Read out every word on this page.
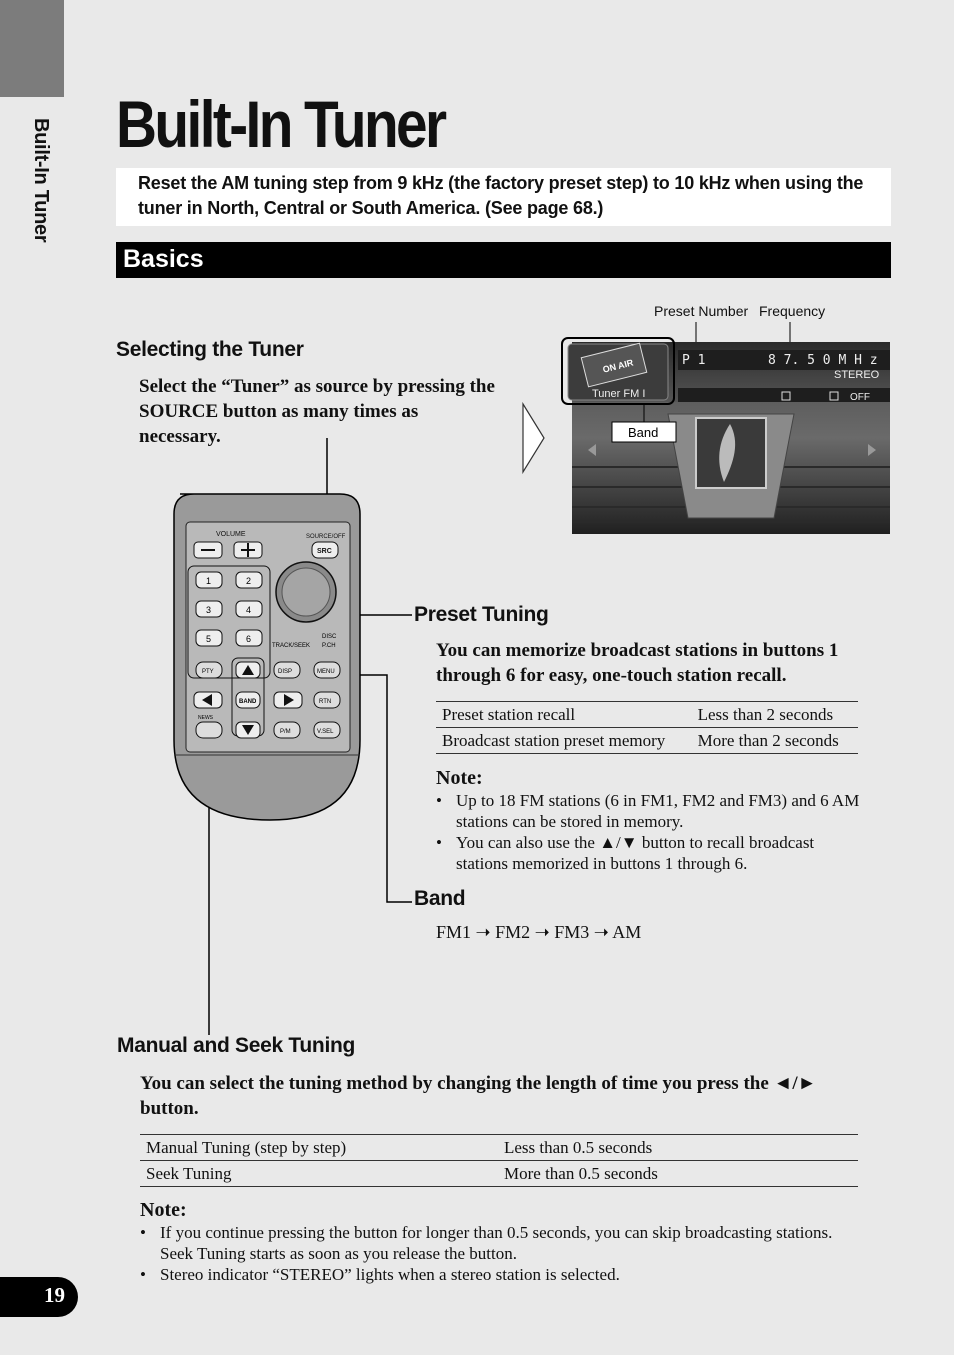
Built-In Tuner Built-In Tuner
Reset the AM tuning step from 9 kHz (the factory preset step) to 10 kHz when using the tuner in North, Central or South America. (See page 68.)
Basics
Selecting the Tuner
Select the “Tuner” as source by pressing the SOURCE button as many times as necessary.
Preset Number Frequency
ON AIR
Tuner FM I
P 1	8 7. 5 0 M H z
STEREO
OFF
Band
VOLUME	SOURCE/OFF
SRC
1	2
3	4
5	6
TRACK/SEEK
DISC
P.CH
PTY	DISP	MENU
BAND	RTN
NEWS
P/M	V.SEL
Preset Tuning
You can memorize broadcast stations in buttons 1 through 6 for easy, one-touch station recall.
Preset station recall	Less than 2 seconds
Broadcast station preset memory	More than 2 seconds
Note:
• Up to 18 FM stations (6 in FM1, FM2 and FM3) and 6 AM stations can be stored in memory.
• You can also use the ▲/▼ button to recall broadcast stations memorized in buttons 1 through 6.
Band
FM1 ➝ FM2 ➝ FM3 ➝ AM
Manual and Seek Tuning
You can select the tuning method by changing the length of time you press the ◄/► button.
Manual Tuning (step by step)	Less than 0.5 seconds
Seek Tuning	More than 0.5 seconds
Note:
• If you continue pressing the button for longer than 0.5 seconds, you can skip broadcasting stations. Seek Tuning starts as soon as you release the button.
• Stereo indicator “STEREO” lights when a stereo station is selected.
19
